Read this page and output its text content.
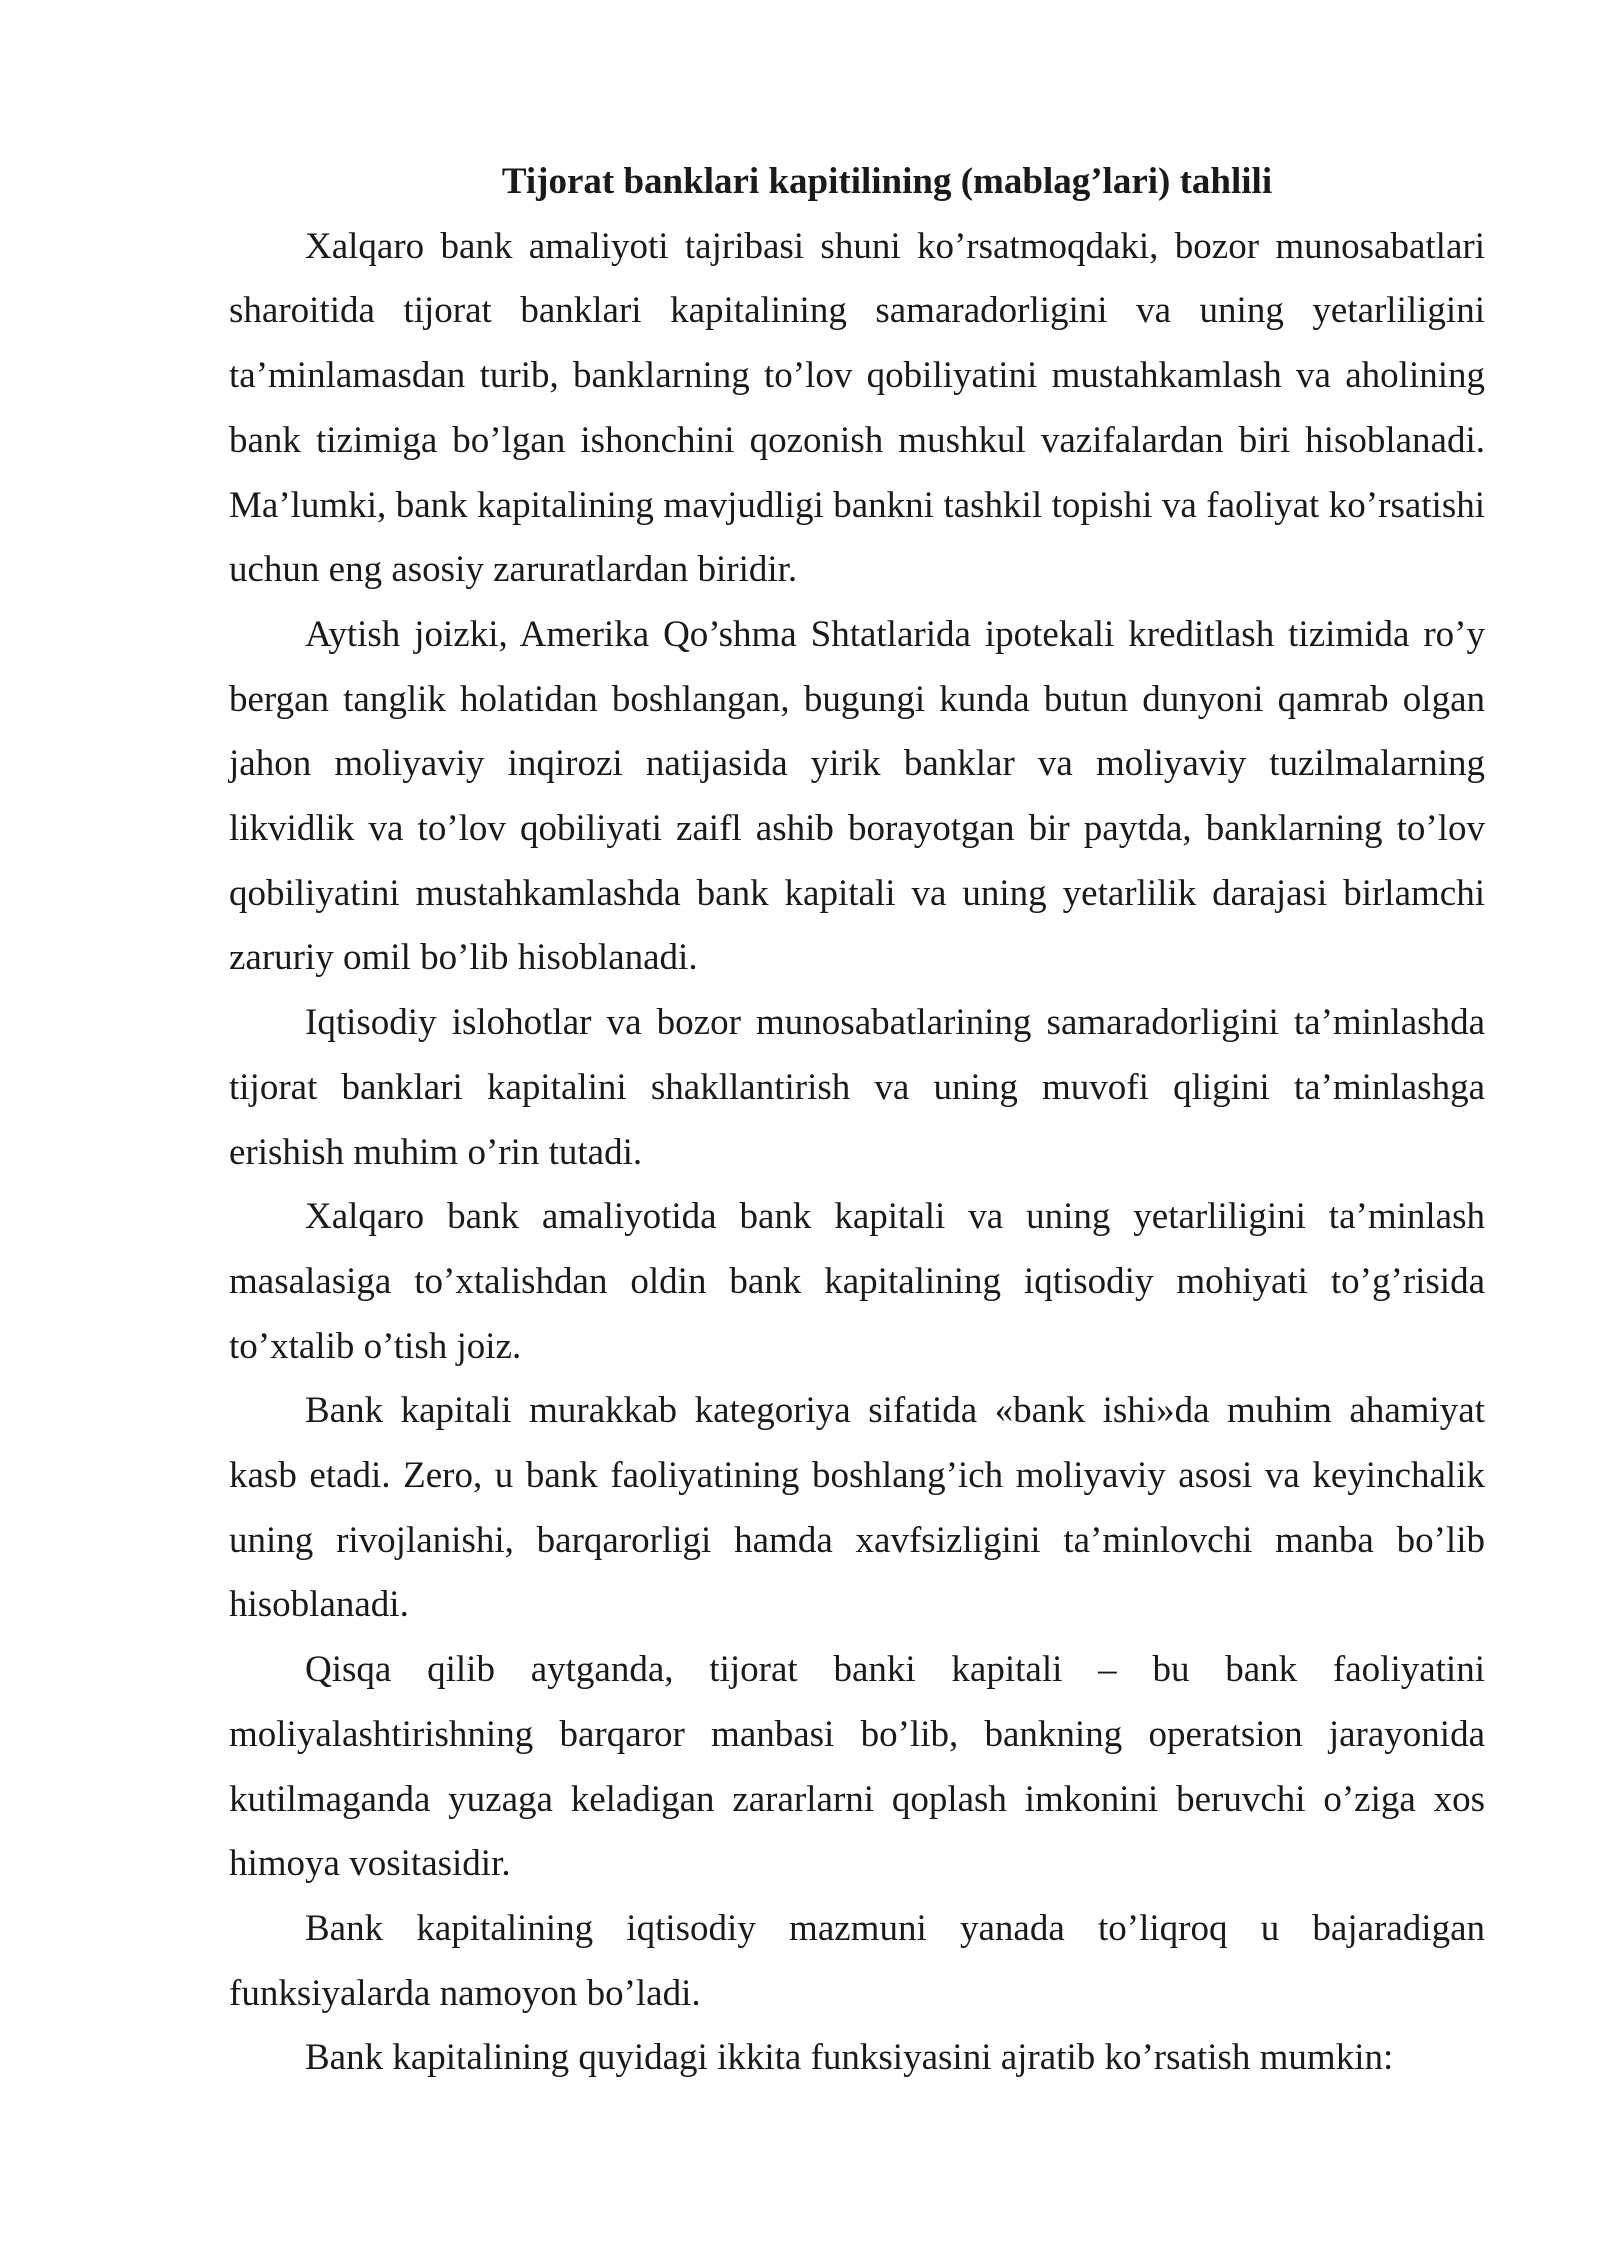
Tijorat banklari kapitilining (mablag’lari) tahlili

Xalqaro bank amaliyoti tajribasi shuni ko’rsatmoqdaki, bozor munosabatlari sharoitida tijorat banklari kapitalining samaradorligini va uning yetarliligini ta’minlamasdan turib, banklarning to’lov qobiliyatini mustahkamlash va aholining bank tizimiga bo’lgan ishonchini qozonish mushkul vazifalardan biri hisoblanadi. Ma’lumki, bank kapitalining mavjudligi bankni tashkil topishi va faoliyat ko’rsatishi uchun eng asosiy zaruratlardan biridir.

Aytish joizki, Amerika Qo’shma Shtatlarida ipotekali kreditlash tizimida ro’y bergan tanglik holatidan boshlangan, bugungi kunda butun dunyoni qamrab olgan jahon moliyaviy inqirozi natijasida yirik banklar va moliyaviy tuzilmalarning likvidlik va to’lov qobiliyati zaifl ashib borayotgan bir paytda, banklarning to’lov qobiliyatini mustahkamlashda bank kapitali va uning yetarlilik darajasi birlamchi zaruriy omil bo’lib hisoblanadi.

Iqtisodiy islohotlar va bozor munosabatlarining samaradorligini ta’minlashda tijorat banklari kapitalini shakllantirish va uning muvofi qligini ta’minlashga erishish muhim o’rin tutadi.

Xalqaro bank amaliyotida bank kapitali va uning yetarliligini ta’minlash masalasiga to’xtalishdan oldin bank kapitalining iqtisodiy mohiyati to’g’risida to’xtalib o’tish joiz.

Bank kapitali murakkab kategoriya sifatida «bank ishi»da muhim ahamiyat kasb etadi. Zero, u bank faoliyatining boshlang’ich moliyaviy asosi va keyinchalik uning rivojlanishi, barqarorligi hamda xavfsizligini ta’minlovchi manba bo’lib hisoblanadi.

Qisqa qilib aytganda, tijorat banki kapitali – bu bank faoliyatini moliyalashtirishning barqaror manbasi bo’lib, bankning operatsion jarayonida kutilmaganda yuzaga keladigan zararlarni qoplash imkonini beruvchi o’ziga xos himoya vositasidir.

Bank kapitalining iqtisodiy mazmuni yanada to’liqroq u bajaradigan funksiyalarda namoyon bo’ladi.

Bank kapitalining quyidagi ikkita funksiyasini ajratib ko’rsatish mumkin:
